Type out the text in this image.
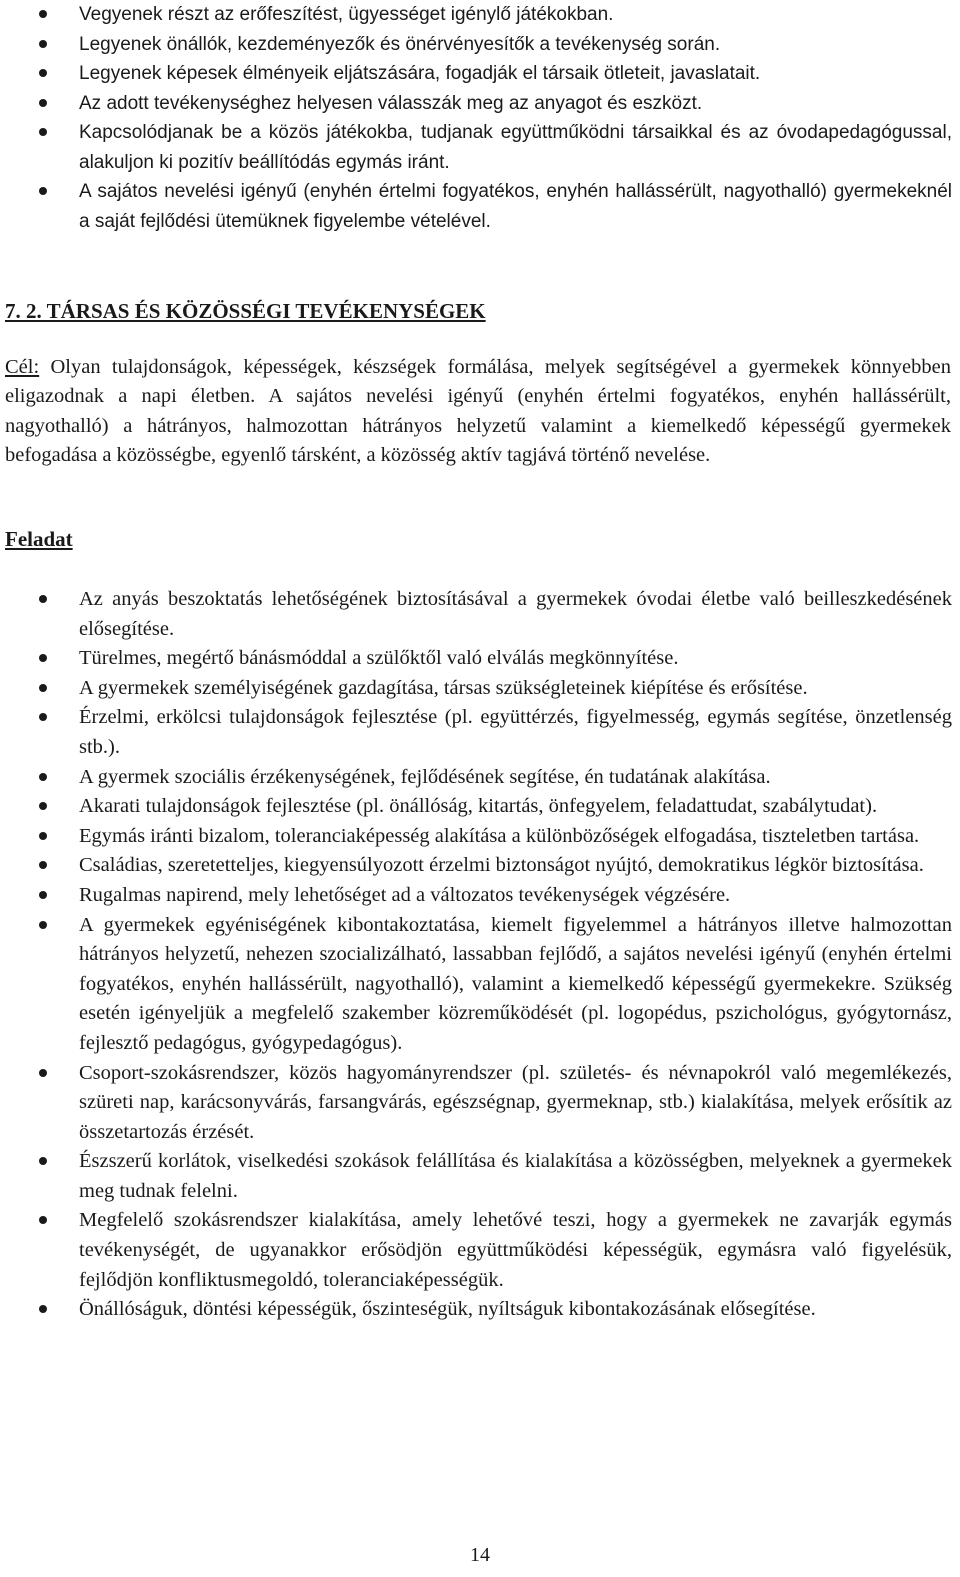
Vegyenek részt az erőfeszítést, ügyességet igénylő játékokban.
Legyenek önállók, kezdeményezők és önérvényesítők a tevékenység során.
Legyenek képesek élményeik eljátszására, fogadják el társaik ötleteit, javaslatait.
Az adott tevékenységhez helyesen válasszák meg az anyagot és eszközt.
Kapcsolódjanak be a közös játékokba, tudjanak együttműködni társaikkal és az óvodapedagógussal, alakuljon ki pozitív beállítódás egymás iránt.
A sajátos nevelési igényű (enyhén értelmi fogyatékos, enyhén hallássérült, nagyothalló) gyermekeknél a saját fejlődési ütemüknek figyelembe vételével.
7. 2. TÁRSAS ÉS KÖZÖSSÉGI TEVÉKENYSÉGEK

Cél: Olyan tulajdonságok, képességek, készségek formálása, melyek segítségével a gyermekek könnyebben eligazodnak a napi életben. A sajátos nevelési igényű (enyhén értelmi fogyatékos, enyhén hallássérült, nagyothalló) a hátrányos, halmozottan hátrányos helyzetű valamint a kiemelkedő képességű gyermekek befogadása a közösségbe, egyenlő társként, a közösség aktív tagjává történő nevelése.

Feladat
Az anyás beszoktatás lehetőségének biztosításával a gyermekek óvodai életbe való beilleszkedésének elősegítése.
Türelmes, megértő bánásmóddal a szülőktől való elválás megkönnyítése.
A gyermekek személyiségének gazdagítása, társas szükségleteinek kiépítése és erősítése.
Érzelmi, erkölcsi tulajdonságok fejlesztése (pl. együttérzés, figyelmesség, egymás segítése, önzetlenség stb.).
A gyermek szociális érzékenységének, fejlődésének segítése, én tudatának alakítása.
Akarati tulajdonságok fejlesztése (pl. önállóság, kitartás, önfegyelem, feladattudat, szabálytudat).
Egymás iránti bizalom, toleranciaképesség alakítása a különbözőségek elfogadása, tiszteletben tartása.
Családias, szeretetteljes, kiegyensúlyozott érzelmi biztonságot nyújtó, demokratikus légkör biztosítása.
Rugalmas napirend, mely lehetőséget ad a változatos tevékenységek végzésére.
A gyermekek egyéniségének kibontakoztatása, kiemelt figyelemmel a hátrányos illetve halmozottan hátrányos helyzetű, nehezen szocializálható, lassabban fejlődő, a sajátos nevelési igényű (enyhén értelmi fogyatékos, enyhén hallássérült, nagyothalló), valamint a kiemelkedő képességű gyermekekre. Szükség esetén igényeljük a megfelelő szakember közreműködését (pl. logopédus, pszichológus, gyógytornász, fejlesztő pedagógus, gyógypedagógus).
Csoport-szokásrendszer, közös hagyományrendszer (pl. születés- és névnapokról való megemlékezés, szüreti nap, karácsonyvárás, farsangvárás, egészségnap, gyermeknap, stb.) kialakítása, melyek erősítik az összetartozás érzését.
Észszerű korlátok, viselkedési szokások felállítása és kialakítása a közösségben, melyeknek a gyermekek meg tudnak felelni.
Megfelelő szokásrendszer kialakítása, amely lehetővé teszi, hogy a gyermekek ne zavarják egymás tevékenységét, de ugyanakkor erősödjön együttműködési képességük, egymásra való figyelésük, fejlődjön konfliktusmegoldó, toleranciaképességük.
Önállóságuk, döntési képességük, őszinteségük, nyíltságuk kibontakozásának elősegítése.
14
